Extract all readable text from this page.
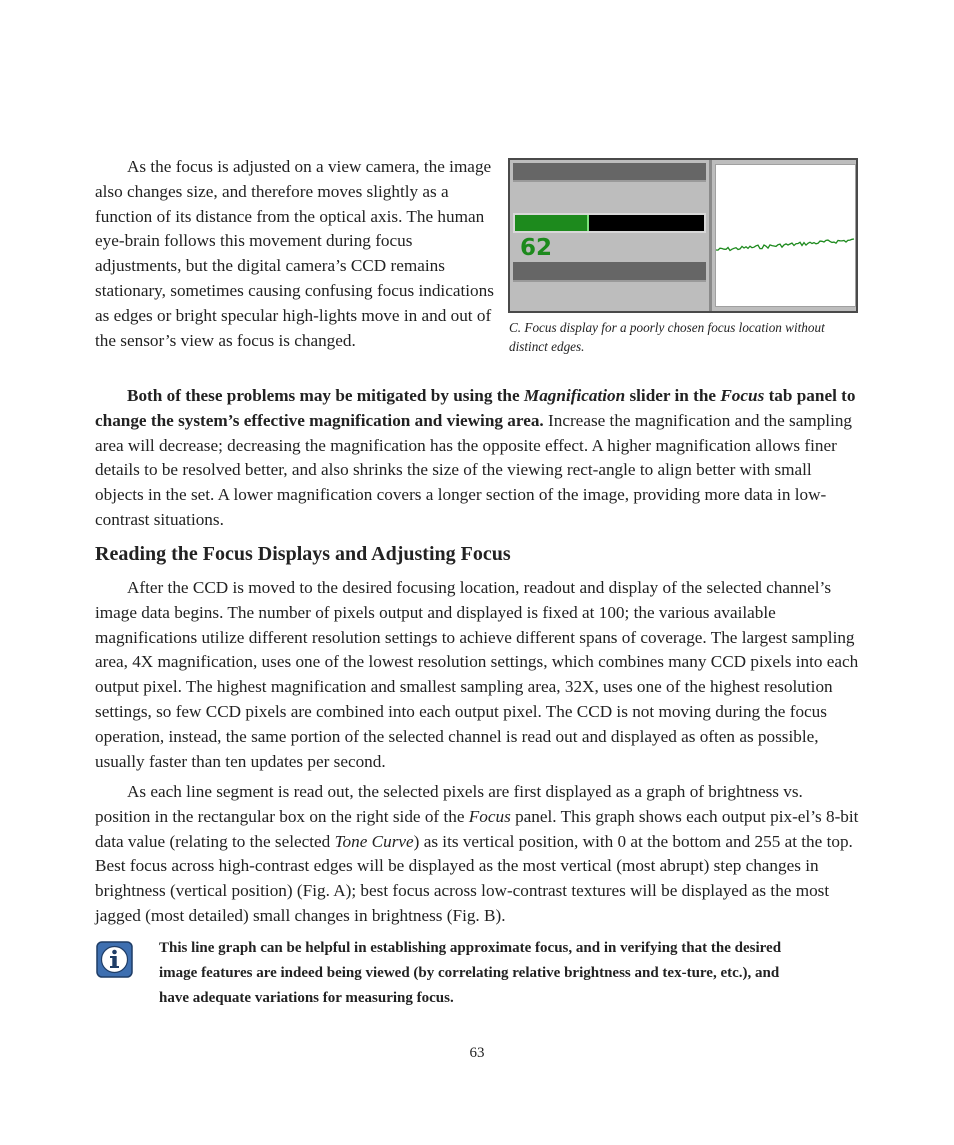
As the focus is adjusted on a view camera, the image also changes size, and therefore moves slightly as a function of its distance from the optical axis. The human eye-brain follows this movement during focus adjustments, but the digital camera’s CCD remains stationary, sometimes causing confusing focus indications as edges or bright specular high-lights move in and out of the sensor’s view as focus is changed.

62

C. Focus display for a poorly chosen focus location without distinct edges.

Both of these problems may be mitigated by using the Magnification slider in the Focus tab panel to change the system’s effective magnification and viewing area. Increase the magnification and the sampling area will decrease; decreasing the magnification has the opposite effect. A higher magnification allows finer details to be resolved better, and also shrinks the size of the viewing rect-angle to align better with small objects in the set. A lower magnification covers a longer section of the image, providing more data in low-contrast situations.

Reading the Focus Displays and Adjusting Focus

After the CCD is moved to the desired focusing location, readout and display of the selected channel’s image data begins. The number of pixels output and displayed is fixed at 100; the various available magnifications utilize different resolution settings to achieve different spans of coverage. The largest sampling area, 4X magnification, uses one of the lowest resolution settings, which combines many CCD pixels into each output pixel. The highest magnification and smallest sampling area, 32X, uses one of the highest resolution settings, so few CCD pixels are combined into each output pixel. The CCD is not moving during the focus operation, instead, the same portion of the selected channel is read out and displayed as often as possible, usually faster than ten updates per second.

As each line segment is read out, the selected pixels are first displayed as a graph of brightness vs. position in the rectangular box on the right side of the Focus panel. This graph shows each output pix-el’s 8-bit data value (relating to the selected Tone Curve) as its vertical position, with 0 at the bottom and 255 at the top. Best focus across high-contrast edges will be displayed as the most vertical (most abrupt) step changes in brightness (vertical position) (Fig. A); best focus across low-contrast textures will be displayed as the most jagged (most detailed) small changes in brightness (Fig. B).

This line graph can be helpful in establishing approximate focus, and in verifying that the desired image features are indeed being viewed (by correlating relative brightness and tex-ture, etc.), and have adequate variations for measuring focus.

63
